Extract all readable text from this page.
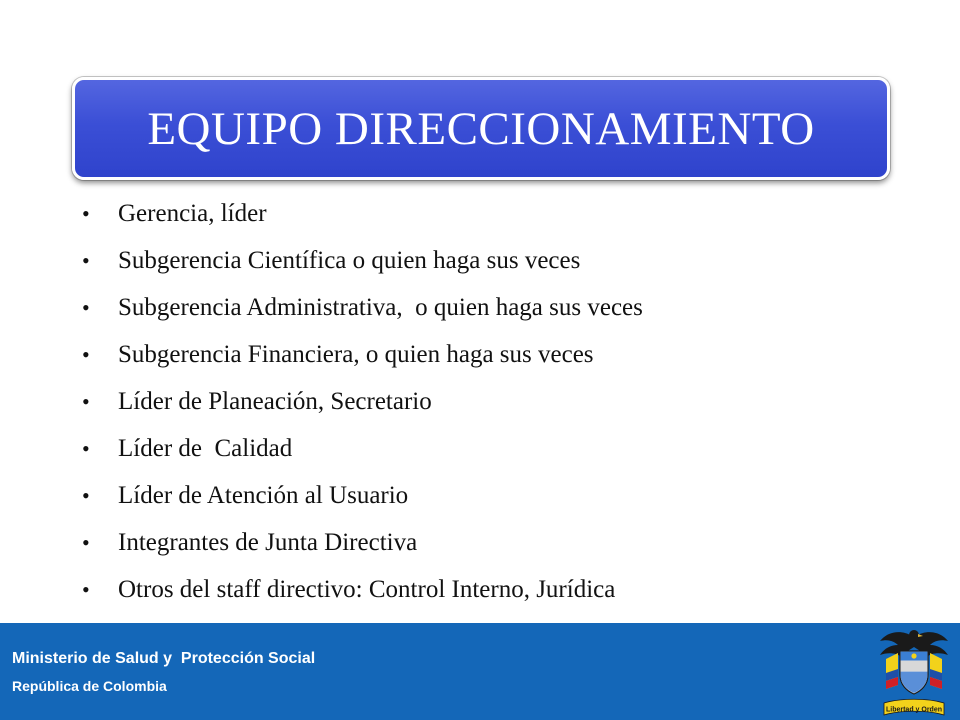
EQUIPO DIRECCIONAMIENTO
•	Gerencia, líder
•	Subgerencia Científica o quien haga sus veces
•	Subgerencia Administrativa,  o quien haga sus veces
•	Subgerencia Financiera, o quien haga sus veces
•	Líder de Planeación, Secretario
•	Líder de  Calidad
•	Líder de Atención al Usuario
•	Integrantes de Junta Directiva
•	Otros del staff directivo: Control Interno, Jurídica
Ministerio de Salud y  Protección Social
República de Colombia
Libertad y Orden
